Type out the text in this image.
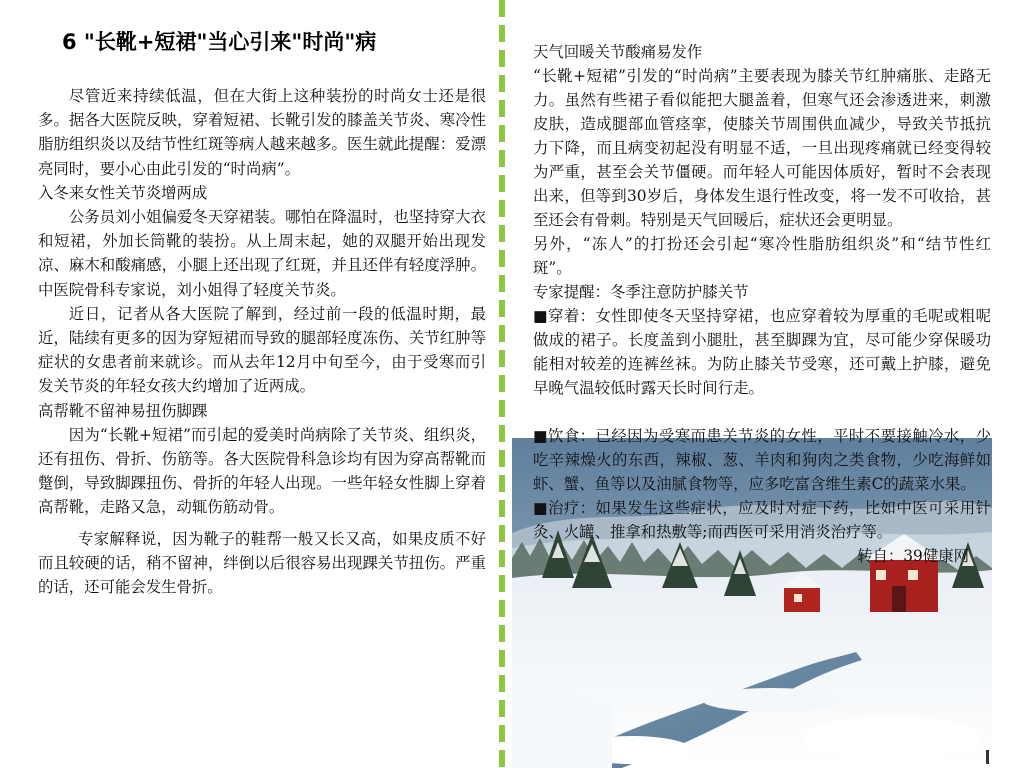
6 "长靴+短裙"当心引来"时尚"病

尽管近来持续低温，但在大街上这种装扮的时尚女士还是很多。据各大医院反映，穿着短裙、长靴引发的膝盖关节炎、寒冷性脂肪组织炎以及结节性红斑等病人越来越多。医生就此提醒：爱漂亮同时，要小心由此引发的“时尚病”。

入冬来女性关节炎增两成

公务员刘小姐偏爱冬天穿裙装。哪怕在降温时，也坚持穿大衣和短裙，外加长筒靴的装扮。从上周末起，她的双腿开始出现发凉、麻木和酸痛感，小腿上还出现了红斑，并且还伴有轻度浮肿。中医院骨科专家说，刘小姐得了轻度关节炎。

近日，记者从各大医院了解到，经过前一段的低温时期，最近，陆续有更多的因为穿短裙而导致的腿部轻度冻伤、关节红肿等症状的女患者前来就诊。而从去年12月中旬至今，由于受寒而引发关节炎的年轻女孩大约增加了近两成。

高帮靴不留神易扭伤脚踝

因为“长靴+短裙”而引起的爱美时尚病除了关节炎、组织炎，还有扭伤、骨折、伤筋等。各大医院骨科急诊均有因为穿高帮靴而蹩倒，导致脚踝扭伤、骨折的年轻人出现。一些年轻女性脚上穿着高帮靴，走路又急，动辄伤筋动骨。

专家解释说，因为靴子的鞋帮一般又长又高，如果皮质不好而且较硬的话，稍不留神，绊倒以后很容易出现踝关节扭伤。严重的话，还可能会发生骨折。

天气回暖关节酸痛易发作

“长靴+短裙”引发的“时尚病”主要表现为膝关节红肿痛胀、走路无力。虽然有些裙子看似能把大腿盖着，但寒气还会渗透进来，刺激皮肤，造成腿部血管痉挛，使膝关节周围供血减少，导致关节抵抗力下降，而且病变初起没有明显不适，一旦出现疼痛就已经变得较为严重，甚至会关节僵硬。而年轻人可能因体质好，暂时不会表现出来，但等到30岁后，身体发生退行性改变，将一发不可收拾，甚至还会有骨刺。特别是天气回暖后，症状还会更明显。

另外，“冻人”的打扮还会引起“寒冷性脂肪组织炎”和“结节性红斑”。

专家提醒：冬季注意防护膝关节

■穿着：女性即使冬天坚持穿裙，也应穿着较为厚重的毛呢或粗呢做成的裙子。长度盖到小腿肚，甚至脚踝为宜，尽可能少穿保暖功能相对较差的连裤丝袜。为防止膝关节受寒，还可戴上护膝，避免早晚气温较低时露天长时间行走。

■饮食：已经因为受寒而患关节炎的女性，平时不要接触冷水，少吃辛辣燥火的东西，辣椒、葱、羊肉和狗肉之类食物，少吃海鲜如虾、蟹、鱼等以及油腻食物等，应多吃富含维生素C的蔬菜水果。

■治疗：如果发生这些症状，应及时对症下药，比如中医可采用针灸、火罐、推拿和热敷等;而西医可采用消炎治疗等。

转自：39健康网
